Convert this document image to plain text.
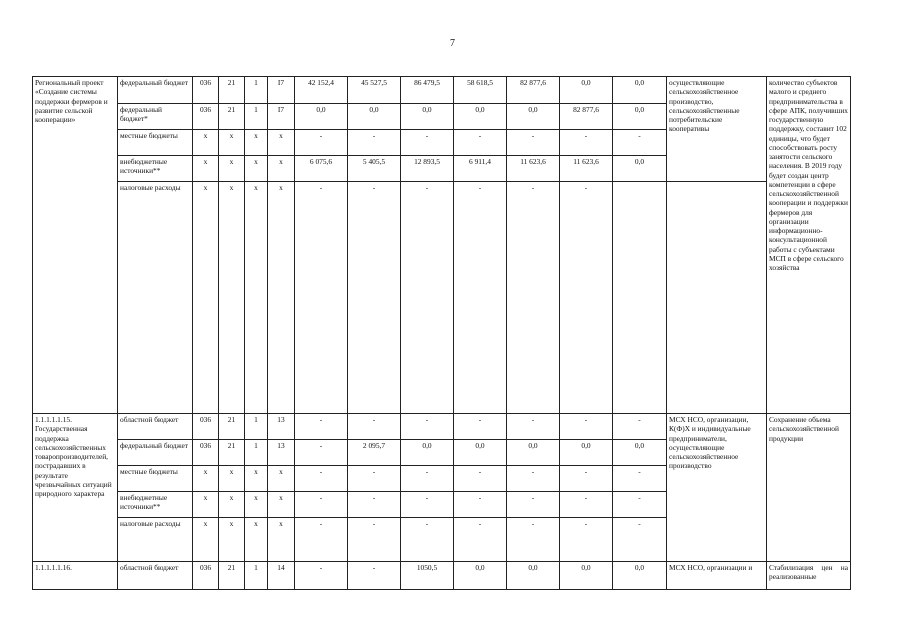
7
Региональный проект «Создание системы поддержки фермеров и развитие сельской кооперации»	федеральный бюджет	036	21	1	I7	42 152,4	45 527,5	86 479,5	58 618,5	82 877,6	0,0	0,0	осуществляющие сельскохозяйственное производство, сельскохозяйственные потребительские кооперативы	количество субъектов малого и среднего предпринимательства в сфере АПК, получивших государственную поддержку, составит 102 единицы, что будет способствовать росту занятости сельского населения. В 2019 году будет создан центр компетенции в сфере сельскохозяйственной кооперации и поддержки фермеров для организации информационно-консультационной работы с субъектами МСП в сфере сельского хозяйства
	федеральный бюджет*	036	21	1	I7	0,0	0,0	0,0	0,0	0,0	82 877,6	0,0		
	местные бюджеты	x	x	x	x	-	-	-	-	-	-	-		
	внебюджетные источники**	x	x	x	x	6 075,6	5 405,5	12 893,5	6 911,4	11 623,6	11 623,6	0,0		
	налоговые расходы	x	x	x	x	-	-	-	-	-	-			
1.1.1.1.1.15. Государственная поддержка сельскохозяйственных товаропроизводителей, пострадавших в результате чрезвычайных ситуаций природного характера	областной бюджет	036	21	1	13	-	-	-	-	-	-	-	МСХ НСО, организации, К(Ф)Х и индивидуальные предприниматели, осуществляющие сельскохозяйственное производство	Сохранение объема сельскохозяйственной продукции
	федеральный бюджет	036	21	1	13	-	2 095,7	0,0	0,0	0,0	0,0	0,0		
	местные бюджеты	x	x	x	x	-	-	-	-	-	-	-		
	внебюджетные источники**	x	x	x	x	-	-	-	-	-	-	-		
	налоговые расходы	x	x	x	x	-	-	-	-	-	-	-		
1.1.1.1.1.16.	областной бюджет	036	21	1	14	-	-	1050,5	0,0	0,0	0,0	0,0	МСХ НСО, организации и	Стабилизация цен на реализованные
